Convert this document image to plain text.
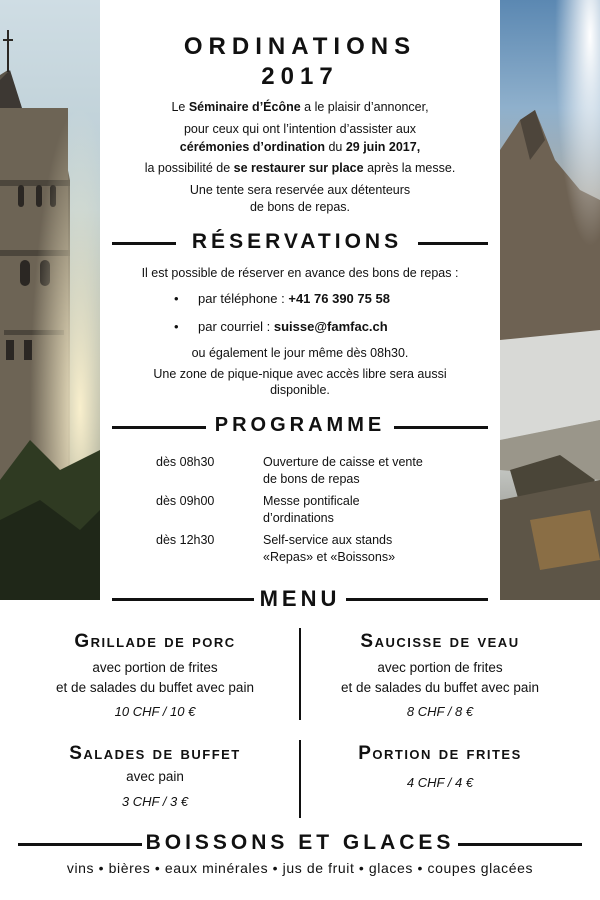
ORDINATIONS
2017
Le Séminaire d’Écône a le plaisir d’annoncer,
pour ceux qui ont l’intention d’assister aux
cérémonies d’ordination du 29 juin 2017,
la possibilité de se restaurer sur place après la messe.
Une tente sera reservée aux détenteurs
de bons de repas.
RÉSERVATIONS
Il est possible de réserver en avance des bons de repas :
• par téléphone : +41 76 390 75 58
• par courriel : suisse@famfac.ch
ou également le jour même dès 08h30.
Une zone de pique-nique avec accès libre sera aussi
disponible.
PROGRAMME
dès 08h30	Ouverture de caisse et vente
de bons de repas
dès 09h00	Messe pontificale
d’ordinations
dès 12h30	Self-service aux stands
«Repas» et «Boissons»
MENU
Grillade de porc
avec portion de frites
et de salades du buffet avec pain
10 CHF / 10 €
Saucisse de veau
avec portion de frites
et de salades du buffet avec pain
8 CHF / 8 €
Salades de buffet
avec pain
3 CHF / 3 €
Portion de frites
4 CHF / 4 €
BOISSONS ET GLACES
vins • bières • eaux minérales • jus de fruit • glaces • coupes glacées
